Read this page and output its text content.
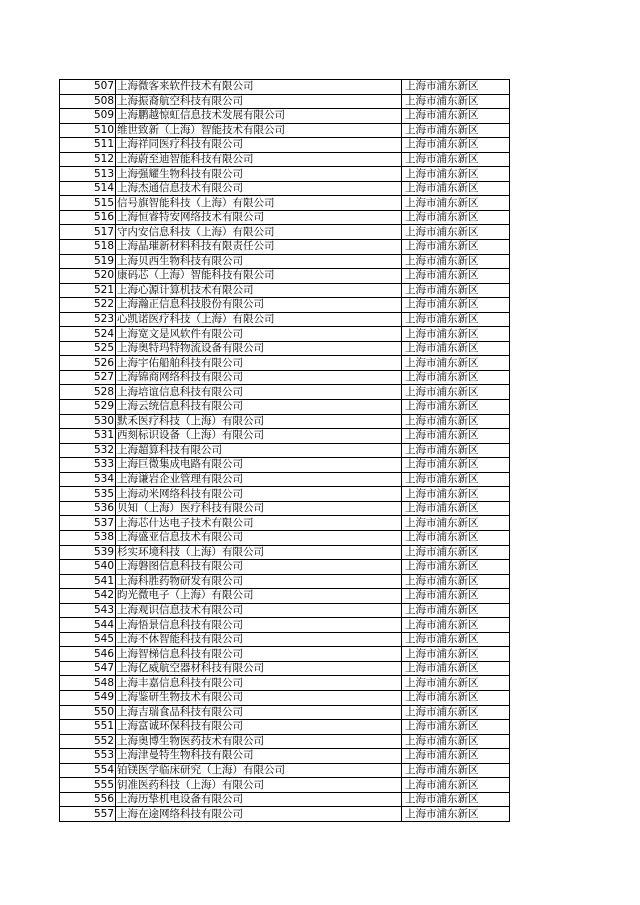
	507	上海微客来软件技术有限公司	上海市浦东新区
	508	上海振裔航空科技有限公司	上海市浦东新区
	509	上海鹏越惊虹信息技术发展有限公司	上海市浦东新区
	510	维世致新（上海）智能技术有限公司	上海市浦东新区
	511	上海祥同医疗科技有限公司	上海市浦东新区
	512	上海蔚至迪智能科技有限公司	上海市浦东新区
	513	上海强耀生物科技有限公司	上海市浦东新区
	514	上海杰通信息技术有限公司	上海市浦东新区
	515	信号旗智能科技（上海）有限公司	上海市浦东新区
	516	上海恒睿特安网络技术有限公司	上海市浦东新区
	517	守内安信息科技（上海）有限公司	上海市浦东新区
	518	上海晶璀新材料科技有限责任公司	上海市浦东新区
	519	上海贝西生物科技有限公司	上海市浦东新区
	520	康码芯（上海）智能科技有限公司	上海市浦东新区
	521	上海心源计算机技术有限公司	上海市浦东新区
	522	上海瀚正信息科技股份有限公司	上海市浦东新区
	523	心凯诺医疗科技（上海）有限公司	上海市浦东新区
	524	上海宽文是风软件有限公司	上海市浦东新区
	525	上海奥特玛特物流设备有限公司	上海市浦东新区
	526	上海宇佑船舶科技有限公司	上海市浦东新区
	527	上海锦商网络科技有限公司	上海市浦东新区
	528	上海培谊信息科技有限公司	上海市浦东新区
	529	上海云统信息科技有限公司	上海市浦东新区
	530	默禾医疗科技（上海）有限公司	上海市浦东新区
	531	西刻标识设备（上海）有限公司	上海市浦东新区
	532	上海超算科技有限公司	上海市浦东新区
	533	上海巨微集成电路有限公司	上海市浦东新区
	534	上海谦岩企业管理有限公司	上海市浦东新区
	535	上海动米网络科技有限公司	上海市浦东新区
	536	贝知（上海）医疗科技有限公司	上海市浦东新区
	537	上海芯什达电子技术有限公司	上海市浦东新区
	538	上海盛亚信息技术有限公司	上海市浦东新区
	539	杉实环境科技（上海）有限公司	上海市浦东新区
	540	上海磐图信息科技有限公司	上海市浦东新区
	541	上海科胜药物研发有限公司	上海市浦东新区
	542	昀光微电子（上海）有限公司	上海市浦东新区
	543	上海观识信息技术有限公司	上海市浦东新区
	544	上海悟景信息科技有限公司	上海市浦东新区
	545	上海不休智能科技有限公司	上海市浦东新区
	546	上海智梯信息科技有限公司	上海市浦东新区
	547	上海亿威航空器材科技有限公司	上海市浦东新区
	548	上海丰嘉信息科技有限公司	上海市浦东新区
	549	上海鉴研生物技术有限公司	上海市浦东新区
	550	上海吉瑞食品科技有限公司	上海市浦东新区
	551	上海富诚环保科技有限公司	上海市浦东新区
	552	上海奥博生物医药技术有限公司	上海市浦东新区
	553	上海津曼特生物科技有限公司	上海市浦东新区
	554	铂镁医学临床研究（上海）有限公司	上海市浦东新区
	555	钥准医药科技（上海）有限公司	上海市浦东新区
	556	上海历挚机电设备有限公司	上海市浦东新区
	557	上海在途网络科技有限公司	上海市浦东新区
